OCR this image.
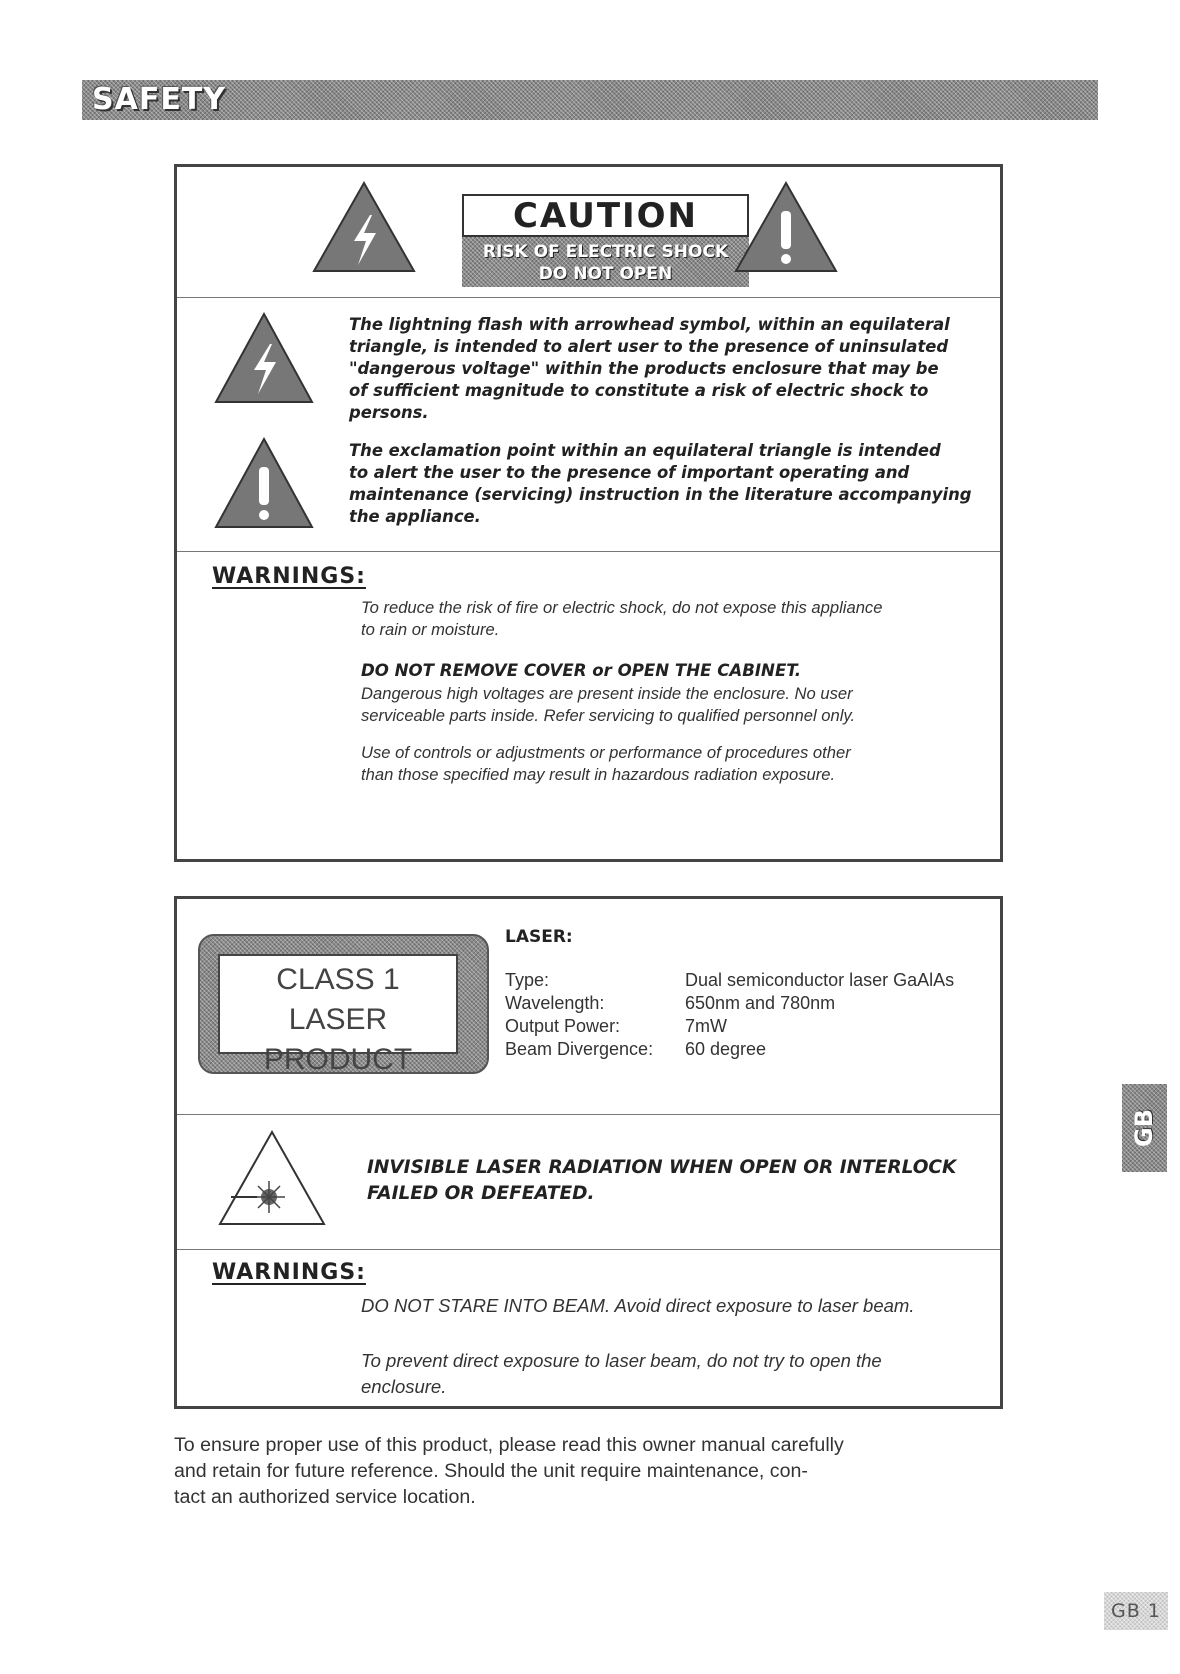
SAFETY
CAUTION
RISK OF ELECTRIC SHOCK
DO NOT OPEN
The lightning flash with arrowhead symbol, within an equilateral
triangle, is intended to alert user to the presence of uninsulated
"dangerous voltage" within the products enclosure that may be
of sufficient magnitude to constitute a risk of electric shock to
persons.
The exclamation point within an equilateral triangle is intended
to alert the user to the presence of important operating and
maintenance (servicing) instruction in the literature accompanying
the appliance.
WARNINGS:
To reduce the risk of fire or electric shock, do not expose this appliance
to rain or moisture.
DO NOT REMOVE COVER or OPEN THE CABINET.
Dangerous high voltages are present inside the enclosure. No user
serviceable parts inside. Refer servicing to qualified personnel only.
Use of controls or adjustments or performance of procedures other
than those specified may result in hazardous radiation exposure.
CLASS 1
LASER PRODUCT
LASER:
Type:	Dual semiconductor laser GaAlAs
Wavelength:	650nm and 780nm
Output Power:	7mW
Beam Divergence: 60 degree
INVISIBLE LASER RADIATION WHEN OPEN OR INTERLOCK
FAILED OR DEFEATED.
WARNINGS:
DO NOT STARE INTO BEAM. Avoid direct exposure to laser beam.
To prevent direct exposure to laser beam, do not try to open the
enclosure.
To ensure proper use of this product, please read this owner manual carefully
and retain for future reference. Should the unit require maintenance, con-
tact an authorized service location.
GB
GB 1
